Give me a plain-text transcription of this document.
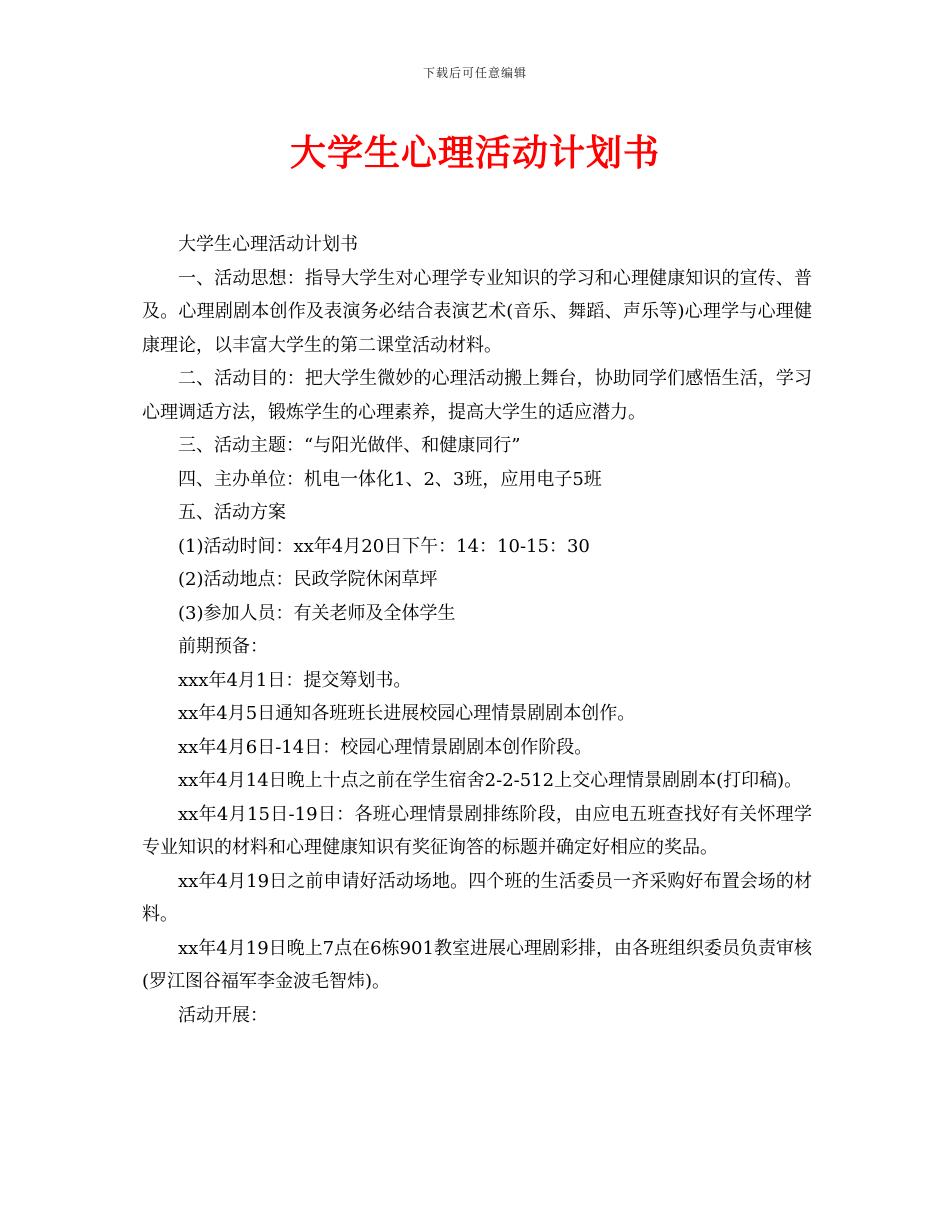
下载后可任意编辑
大学生心理活动计划书

大学生心理活动计划书

一、活动思想：指导大学生对心理学专业知识的学习和心理健康知识的宣传、普及。心理剧剧本创作及表演务必结合表演艺术(音乐、舞蹈、声乐等)心理学与心理健康理论，以丰富大学生的第二课堂活动材料。

二、活动目的：把大学生微妙的心理活动搬上舞台，协助同学们感悟生活，学习心理调适方法，锻炼学生的心理素养，提高大学生的适应潜力。

三、活动主题：“与阳光做伴、和健康同行”

四、主办单位：机电一体化1、2、3班，应用电子5班

五、活动方案

(1)活动时间：xx年4月20日下午：14：10-15：30

(2)活动地点：民政学院休闲草坪

(3)参加人员：有关老师及全体学生

前期预备：

xxx年4月1日：提交筹划书。

xx年4月5日通知各班班长进展校园心理情景剧剧本创作。

xx年4月6日-14日：校园心理情景剧剧本创作阶段。

xx年4月14日晚上十点之前在学生宿舍2-2-512上交心理情景剧剧本(打印稿)。

xx年4月15日-19日：各班心理情景剧排练阶段，由应电五班查找好有关怀理学专业知识的材料和心理健康知识有奖征询答的标题并确定好相应的奖品。

xx年4月19日之前申请好活动场地。四个班的生活委员一齐采购好布置会场的材料。

xx年4月19日晚上7点在6栋901教室进展心理剧彩排，由各班组织委员负责审核(罗江图谷福军李金波毛智炜)。

活动开展：
